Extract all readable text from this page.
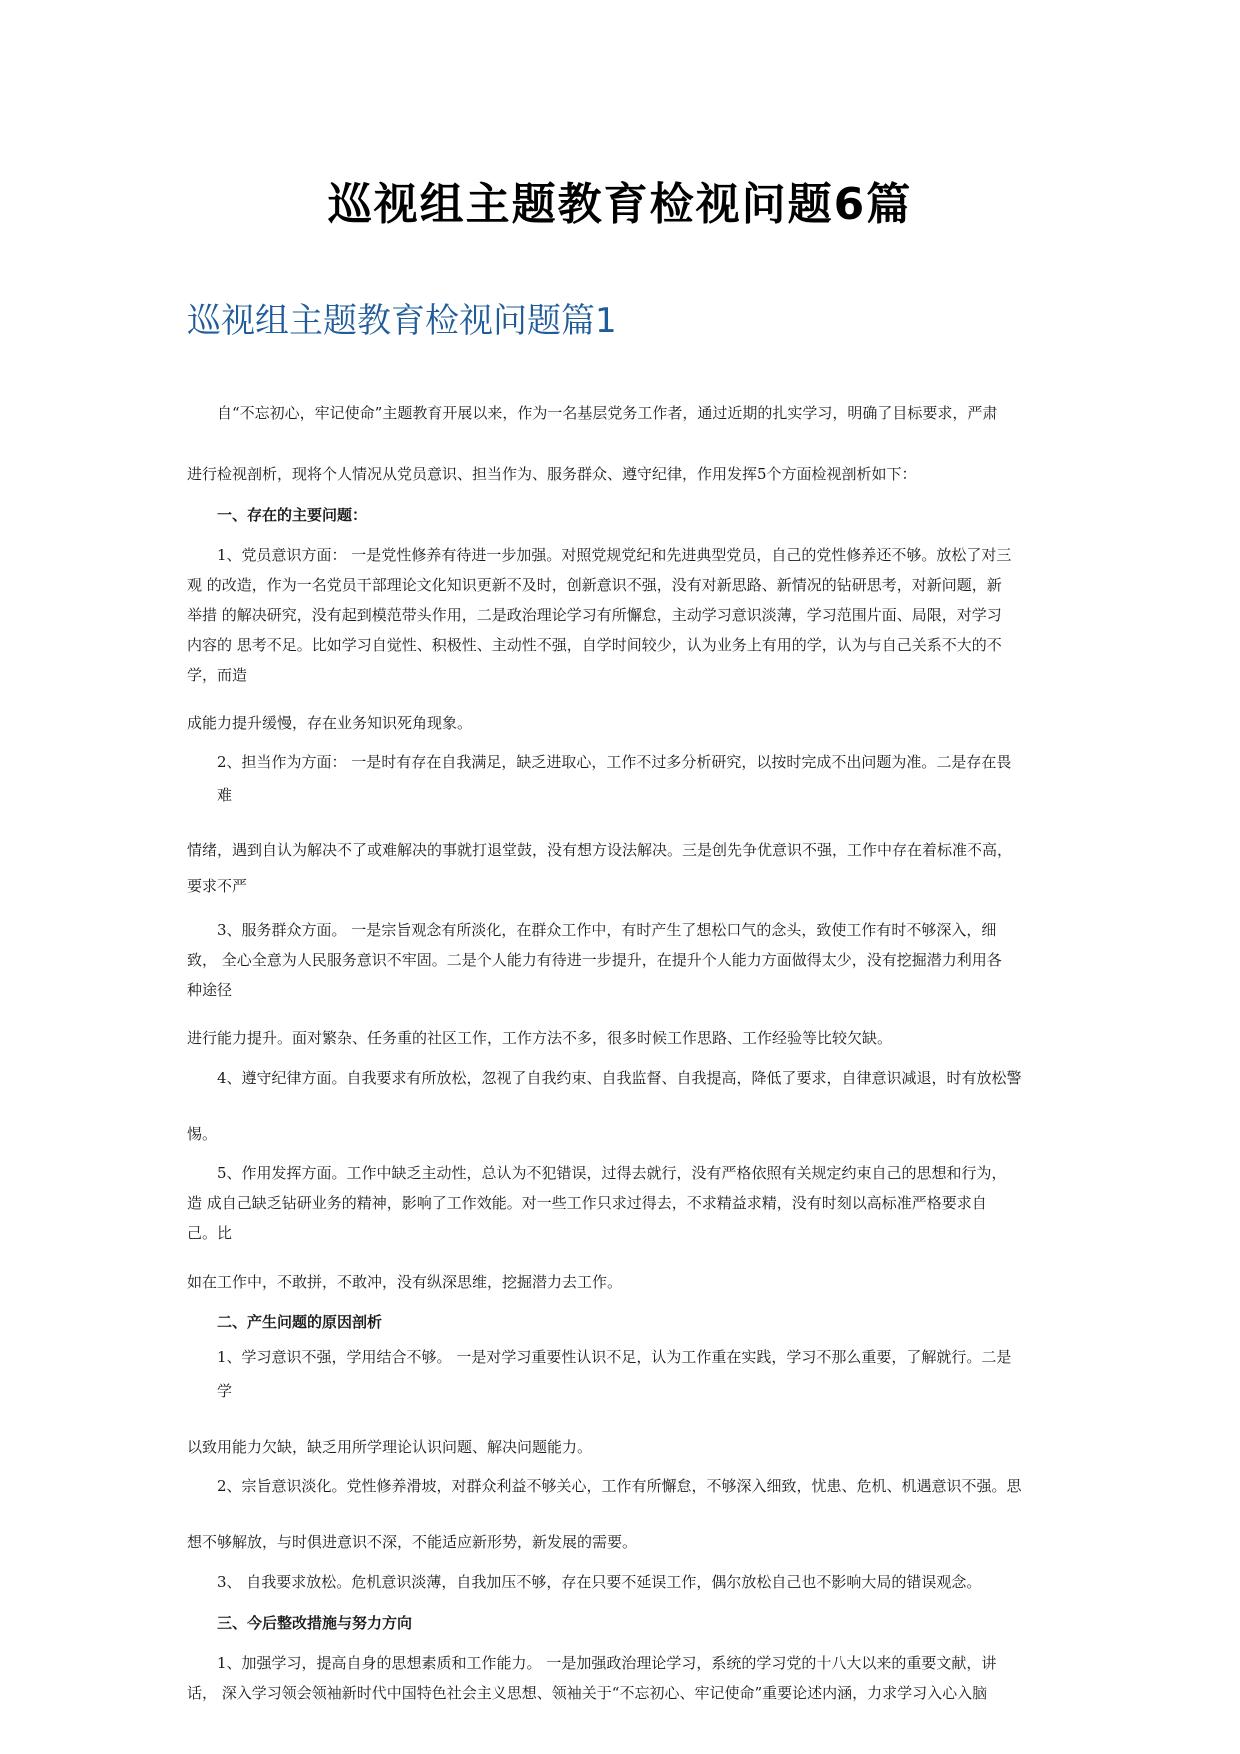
巡视组主题教育检视问题6篇
巡视组主题教育检视问题篇1
自“不忘初心，牢记使命”主题教育开展以来，作为一名基层党务工作者，通过近期的扎实学习，明确了目标要求，严肃
进行检视剖析，现将个人情况从党员意识、担当作为、服务群众、遵守纪律，作用发挥5个方面检视剖析如下：
一、存在的主要问题：
1、党员意识方面： 一是党性修养有待进一步加强。对照党规党纪和先进典型党员，自己的党性修养还不够。放松了对三
观 的改造，作为一名党员干部理论文化知识更新不及时，创新意识不强，没有对新思路、新情况的钻研思考，对新问题，新
举措 的解决研究，没有起到模范带头作用，二是政治理论学习有所懈怠，主动学习意识淡薄，学习范围片面、局限，对学习
内容的 思考不足。比如学习自觉性、积极性、主动性不强，自学时间较少，认为业务上有用的学，认为与自己关系不大的不
学，而造
成能力提升缓慢，存在业务知识死角现象。
2、担当作为方面： 一是时有存在自我满足，缺乏进取心，工作不过多分析研究，以按时完成不出问题为准。二是存在畏
难
情绪，遇到自认为解决不了或难解决的事就打退堂鼓，没有想方设法解决。三是创先争优意识不强，工作中存在着标准不高，
要求不严
3、服务群众方面。 一是宗旨观念有所淡化，在群众工作中，有时产生了想松口气的念头，致使工作有时不够深入，细
致， 全心全意为人民服务意识不牢固。二是个人能力有待进一步提升，在提升个人能力方面做得太少，没有挖掘潜力利用各
种途径
进行能力提升。面对繁杂、任务重的社区工作，工作方法不多，很多时候工作思路、工作经验等比较欠缺。
4、遵守纪律方面。自我要求有所放松，忽视了自我约束、自我监督、自我提高，降低了要求，自律意识减退，时有放松警
惕。
5、作用发挥方面。工作中缺乏主动性，总认为不犯错误，过得去就行，没有严格依照有关规定约束自己的思想和行为，
造 成自己缺乏钻研业务的精神，影响了工作效能。对一些工作只求过得去，不求精益求精，没有时刻以高标准严格要求自
己。比
如在工作中，不敢拼，不敢冲，没有纵深思维，挖掘潜力去工作。
二、产生问题的原因剖析
1、学习意识不强，学用结合不够。 一是对学习重要性认识不足，认为工作重在实践，学习不那么重要，了解就行。二是
学
以致用能力欠缺，缺乏用所学理论认识问题、解决问题能力。
2、宗旨意识淡化。党性修养滑坡，对群众利益不够关心，工作有所懈怠，不够深入细致，忧患、危机、机遇意识不强。思
想不够解放，与时俱进意识不深，不能适应新形势，新发展的需要。
3、 自我要求放松。危机意识淡薄，自我加压不够，存在只要不延误工作，偶尔放松自己也不影响大局的错误观念。
三、今后整改措施与努力方向
1、加强学习，提高自身的思想素质和工作能力。 一是加强政治理论学习，系统的学习党的十八大以来的重要文献，讲
话， 深入学习领会领袖新时代中国特色社会主义思想、领袖关于“不忘初心、牢记使命”重要论述内涵，力求学习入心入脑
